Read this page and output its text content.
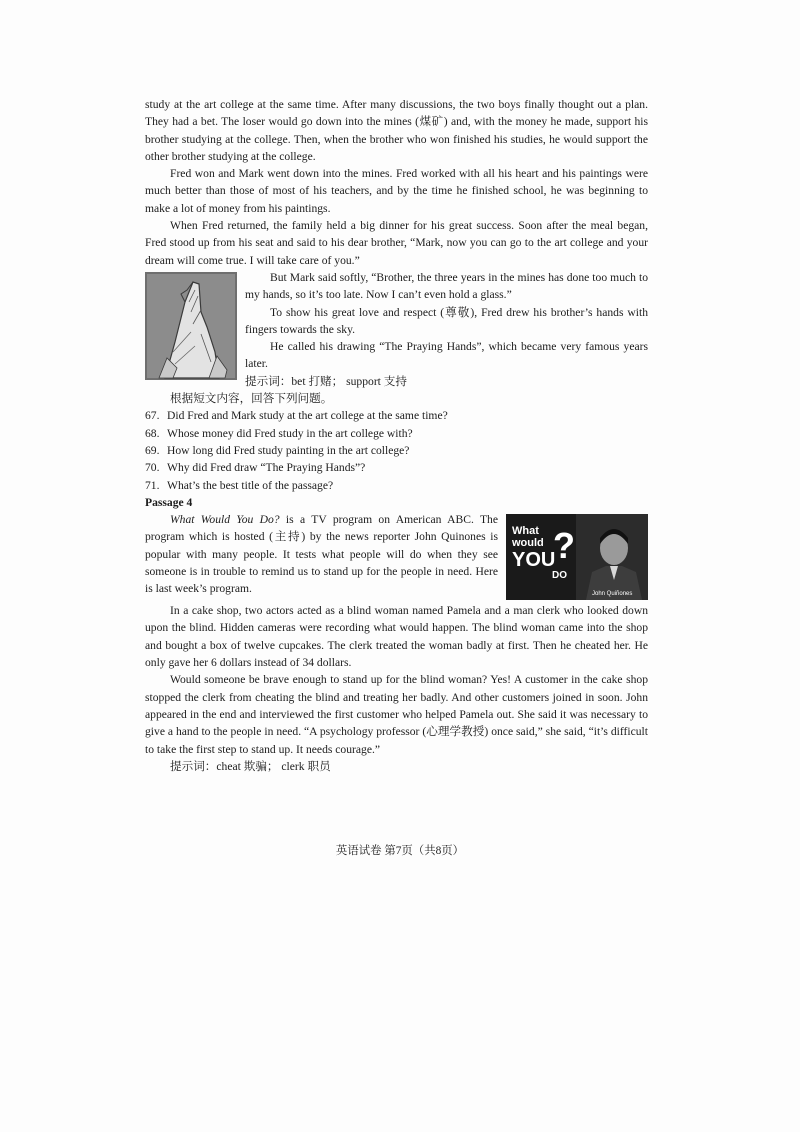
study at the art college at the same time. After many discussions, the two boys finally thought out a plan. They had a bet. The loser would go down into the mines (煤矿) and, with the money he made, support his brother studying at the college. Then, when the brother who won finished his studies, he would support the other brother studying at the college.

Fred won and Mark went down into the mines. Fred worked with all his heart and his paintings were much better than those of most of his teachers, and by the time he finished school, he was beginning to make a lot of money from his paintings.

When Fred returned, the family held a big dinner for his great success. Soon after the meal began, Fred stood up from his seat and said to his dear brother, “Mark, now you can go to the art college and your dream will come true. I will take care of you.”

But Mark said softly, “Brother, the three years in the mines has done too much to my hands, so it’s too late. Now I can’t even hold a glass.”

To show his great love and respect (尊敬), Fred drew his brother’s hands with fingers towards the sky.

He called his drawing “The Praying Hands”, which became very famous years later.

提示词：bet 打赌； support 支持

根据短文内容，回答下列问题。

67. Did Fred and Mark study at the art college at the same time?

68. Whose money did Fred study in the art college with?

69. How long did Fred study painting in the art college?

70. Why did Fred draw “The Praying Hands”?

71. What’s the best title of the passage?

Passage 4

What
would
YOU
DO
?
John Quiñones

What Would You Do? is a TV program on American ABC. The program which is hosted (主持) by the news reporter John Quinones is popular with many people. It tests what people will do when they see someone is in trouble to remind us to stand up for the people in need. Here is last week’s program.

In a cake shop, two actors acted as a blind woman named Pamela and a man clerk who looked down upon the blind. Hidden cameras were recording what would happen. The blind woman came into the shop and bought a box of twelve cupcakes. The clerk treated the woman badly at first. Then he cheated her. He only gave her 6 dollars instead of 34 dollars.

Would someone be brave enough to stand up for the blind woman? Yes! A customer in the cake shop stopped the clerk from cheating the blind and treating her badly. And other customers joined in soon. John appeared in the end and interviewed the first customer who helped Pamela out. She said it was necessary to give a hand to the people in need. “A psychology professor (心理学教授) once said,” she said, “it’s difficult to take the first step to stand up. It needs courage.”

提示词：cheat 欺骗； clerk 职员

英语试卷 第7页（共8页）
